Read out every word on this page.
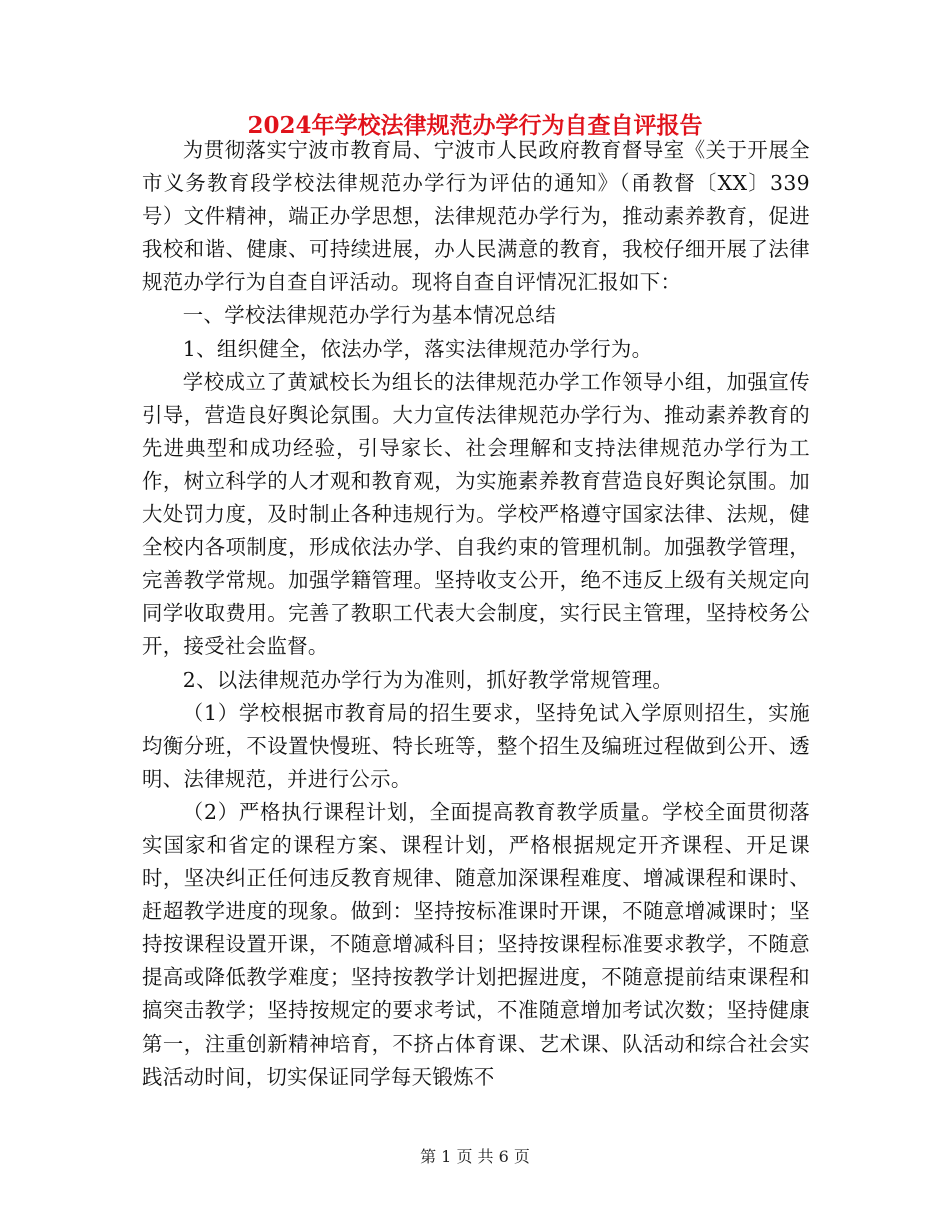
2024年学校法律规范办学行为自查自评报告

为贯彻落实宁波市教育局、宁波市人民政府教育督导室《关于开展全市义务教育段学校法律规范办学行为评估的通知》（甬教督〔XX〕339号）文件精神，端正办学思想，法律规范办学行为，推动素养教育，促进我校和谐、健康、可持续进展，办人民满意的教育，我校仔细开展了法律规范办学行为自查自评活动。现将自查自评情况汇报如下：

一、学校法律规范办学行为基本情况总结

1、组织健全，依法办学，落实法律规范办学行为。

学校成立了黄斌校长为组长的法律规范办学工作领导小组，加强宣传引导，营造良好舆论氛围。大力宣传法律规范办学行为、推动素养教育的先进典型和成功经验，引导家长、社会理解和支持法律规范办学行为工作，树立科学的人才观和教育观，为实施素养教育营造良好舆论氛围。加大处罚力度，及时制止各种违规行为。学校严格遵守国家法律、法规，健全校内各项制度，形成依法办学、自我约束的管理机制。加强教学管理，完善教学常规。加强学籍管理。坚持收支公开，绝不违反上级有关规定向同学收取费用。完善了教职工代表大会制度，实行民主管理，坚持校务公开，接受社会监督。

2、以法律规范办学行为为准则，抓好教学常规管理。

（1）学校根据市教育局的招生要求，坚持免试入学原则招生，实施均衡分班，不设置快慢班、特长班等，整个招生及编班过程做到公开、透明、法律规范，并进行公示。

（2）严格执行课程计划，全面提高教育教学质量。学校全面贯彻落实国家和省定的课程方案、课程计划，严格根据规定开齐课程、开足课时，坚决纠正任何违反教育规律、随意加深课程难度、增减课程和课时、赶超教学进度的现象。做到：坚持按标准课时开课，不随意增减课时；坚持按课程设置开课，不随意增减科目；坚持按课程标准要求教学，不随意提高或降低教学难度；坚持按教学计划把握进度，不随意提前结束课程和搞突击教学；坚持按规定的要求考试，不准随意增加考试次数；坚持健康第一，注重创新精神培育，不挤占体育课、艺术课、队活动和综合社会实践活动时间，切实保证同学每天锻炼不

第 1 页 共 6 页
